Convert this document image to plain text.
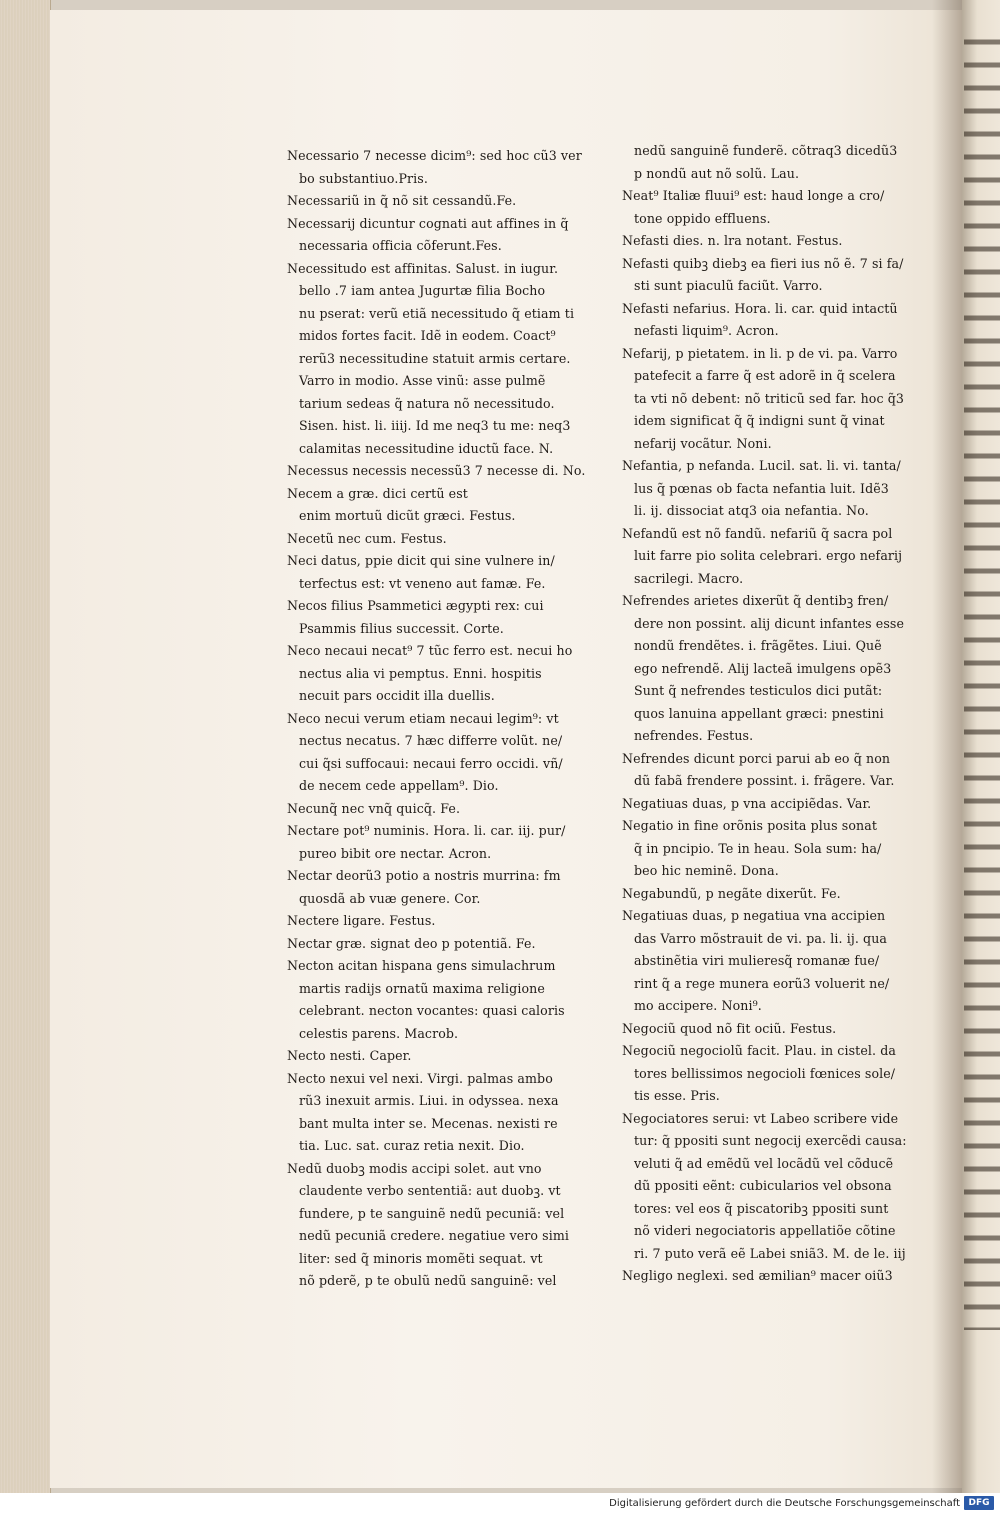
Necessario 7 necesse dicim⁹: sed hoc cũ3 ver
bo substantiuo.Pris.
Necessariũ in q̃ nõ sit cessandũ.Fe.
Necessarij dicuntur cognati aut affines in q̃
necessaria officia cõferunt.Fes.
Necessitudo est affinitas. Salust. in iugur.
bello .7 iam antea Jugurtæ filia Bocho
nu pserat: verũ etiã necessitudo q̃ etiam ti
midos fortes facit. Idẽ in eodem. Coact⁹
rerũ3 necessitudine statuit armis certare.
Varro in modio. Asse vinũ: asse pulmẽ
tarium sedeas q̃ natura nõ necessitudo.
Sisen. hist. li. iiij. Id me neq3 tu me: neq3
calamitas necessitudine iductũ face. N.
Necessus necessis necessũ3 7 necesse di. No.
Necem a græ. dici certũ est
enim mortuũ dicũt græci. Festus.
Necetũ nec cum. Festus.
Neci datus, ppie dicit qui sine vulnere in/
terfectus est: vt veneno aut famæ. Fe.
Necos filius Psammetici ægypti rex: cui
Psammis filius successit. Corte.
Neco necaui necat⁹ 7 tũc ferro est. necui ho
nectus alia vi pemptus. Enni. hospitis
necuit pars occidit illa duellis.
Neco necui verum etiam necaui legim⁹: vt
nectus necatus. 7 hæc differre volũt. ne/
cui q̃si suffocaui: necaui ferro occidi. vñ/
de necem cede appellam⁹. Dio.
Necunq̃ nec vnq̃ quicq̃. Fe.
Nectare pot⁹ numinis. Hora. li. car. iij. pur/
pureo bibit ore nectar. Acron.
Nectar deorũ3 potio a nostris murrina: fm
quosdã ab vuæ genere. Cor.
Nectere ligare. Festus.
Nectar græ. signat deo p potentiã. Fe.
Necton acitan hispana gens simulachrum
martis radijs ornatũ maxima religione
celebrant. necton vocantes: quasi caloris
celestis parens. Macrob.
Necto nesti. Caper.
Necto nexui vel nexi. Virgi. palmas ambo
rũ3 inexuit armis. Liui. in odyssea. nexa
bant multa inter se. Mecenas. nexisti re
tia. Luc. sat. curaz retia nexit. Dio.
Nedũ duobꝫ modis accipi solet. aut vno
claudente verbo sententiã: aut duobꝫ. vt
fundere, p te sanguinẽ nedũ pecuniã: vel
nedũ pecuniã credere. negatiue vero simi
liter: sed q̃ minoris momẽti sequat. vt
nõ pderẽ, p te obulũ nedũ sanguinẽ: vel
nedũ sanguinẽ funderẽ. cõtraq3 dicedũ3
p nondũ aut nõ solũ. Lau.
Neat⁹ Italiæ fluui⁹ est: haud longe a cro/
tone oppido effluens.
Nefasti dies. n. lra notant. Festus.
Nefasti quibꝫ diebꝫ ea fieri ius nõ ẽ. 7 si fa/
sti sunt piaculũ faciũt. Varro.
Nefasti nefarius. Hora. li. car. quid intactũ
nefasti liquim⁹. Acron.
Nefarij, p pietatem. in li. p de vi. pa. Varro
patefecit a farre q̃ est adorẽ in q̃ scelera
ta vti nõ debent: nõ triticũ sed far. hoc q̃3
idem significat q̃ q̃ indigni sunt q̃ vinat
nefarij vocãtur. Noni.
Nefantia, p nefanda. Lucil. sat. li. vi. tanta/
lus q̃ pœnas ob facta nefantia luit. Idẽ3
li. ij. dissociat atq3 oia nefantia. No.
Nefandũ est nõ fandũ. nefariũ q̃ sacra pol
luit farre pio solita celebrari. ergo nefarij
sacrilegi. Macro.
Nefrendes arietes dixerũt q̃ dentibꝫ fren/
dere non possint. alij dicunt infantes esse
nondũ frendẽtes. i. frãgẽtes. Liui. Quẽ
ego nefrendẽ. Alij lacteã imulgens opẽ3
Sunt q̃ nefrendes testiculos dici putãt:
quos lanuina appellant græci: pnestini
nefrendes. Festus.
Nefrendes dicunt porci parui ab eo q̃ non
dũ fabã frendere possint. i. frãgere. Var.
Negatiuas duas, p vna accipiẽdas. Var.
Negatio in fine orõnis posita plus sonat
q̃ in pncipio. Te in heau. Sola sum: ha/
beo hic neminẽ. Dona.
Negabundũ, p negãte dixerũt. Fe.
Negatiuas duas, p negatiua vna accipien
das Varro mõstrauit de vi. pa. li. ij. qua
abstinẽtia viri mulieresq̃ romanæ fue/
rint q̃ a rege munera eorũ3 voluerit ne/
mo accipere. Noni⁹.
Negociũ quod nõ fit ociũ. Festus.
Negociũ negociolũ facit. Plau. in cistel. da
tores bellissimos negocioli fœnices sole/
tis esse. Pris.
Negociatores serui: vt Labeo scribere vide
tur: q̃ ppositi sunt negocij exercẽdi causa:
veluti q̃ ad emẽdũ vel locãdũ vel cõducẽ
dũ ppositi eẽnt: cubicularios vel obsona
tores: vel eos q̃ piscatoribꝫ ppositi sunt
nõ videri negociatoris appellatiõe cõtine
ri. 7 puto verã eẽ Labei sniã3. M. de le. iij
Negligo neglexi. sed æmilian⁹ macer oiũ3
Digitalisierung gefördert durch die Deutsche Forschungsgemeinschaft DFG
